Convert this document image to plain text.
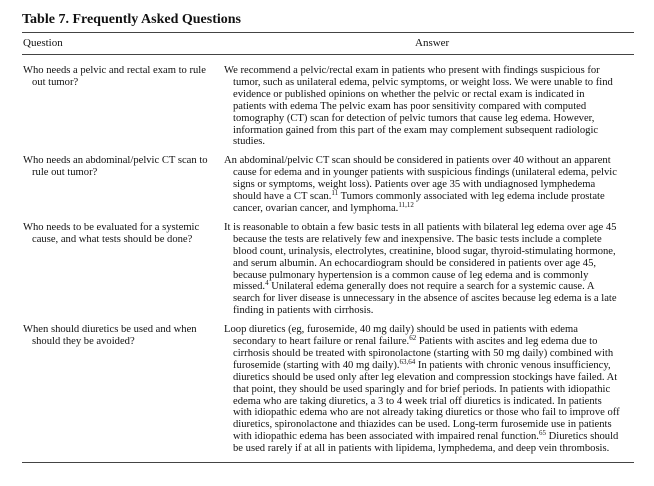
Table 7. Frequently Asked Questions
Question	Answer

Who needs a pelvic and rectal exam to rule out tumor?

We recommend a pelvic/rectal exam in patients who present with findings suspicious for tumor, such as unilateral edema, pelvic symptoms, or weight loss. We were unable to find evidence or published opinions on whether the pelvic or rectal exam is indicated in patients with edema The pelvic exam has poor sensitivity compared with computed tomography (CT) scan for detection of pelvic tumors that cause leg edema. However, information gained from this part of the exam may complement subsequent radiologic studies.

Who needs an abdominal/pelvic CT scan to rule out tumor?

An abdominal/pelvic CT scan should be considered in patients over 40 without an apparent cause for edema and in younger patients with suspicious findings (unilateral edema, pelvic signs or symptoms, weight loss). Patients over age 35 with undiagnosed lymphedema should have a CT scan.$^{11}$ Tumors commonly associated with leg edema include prostate cancer, ovarian cancer, and lymphoma.$^{11,12}$

Who needs to be evaluated for a systemic cause, and what tests should be done?

It is reasonable to obtain a few basic tests in all patients with bilateral leg edema over age 45 because the tests are relatively few and inexpensive. The basic tests include a complete blood count, urinalysis, electrolytes, creatinine, blood sugar, thyroid-stimulating hormone, and serum albumin. An echocardiogram should be considered in patients over age 45, because pulmonary hypertension is a common cause of leg edema and is commonly missed.$^4$ Unilateral edema generally does not require a search for a systemic cause. A search for liver disease is unnecessary in the absence of ascites because leg edema is a late finding in patients with cirrhosis.

When should diuretics be used and when should they be avoided?

Loop diuretics (eg, furosemide, 40 mg daily) should be used in patients with edema secondary to heart failure or renal failure.$^{62}$ Patients with ascites and leg edema due to cirrhosis should be treated with spironolactone (starting with 50 mg daily) combined with furosemide (starting with 40 mg daily).$^{63,64}$ In patients with chronic venous insufficiency, diuretics should be used only after leg elevation and compression stockings have failed. At that point, they should be used sparingly and for brief periods. In patients with idiopathic edema who are taking diuretics, a 3 to 4 week trial off diuretics is indicated. In patients with idiopathic edema who are not already taking diuretics or those who fail to improve off diuretics, spironolactone and thiazides can be used. Long-term furosemide use in patients with idiopathic edema has been associated with impaired renal function.$^{65}$ Diuretics should be used rarely if at all in patients with lipidema, lymphedema, and deep vein thrombosis.
